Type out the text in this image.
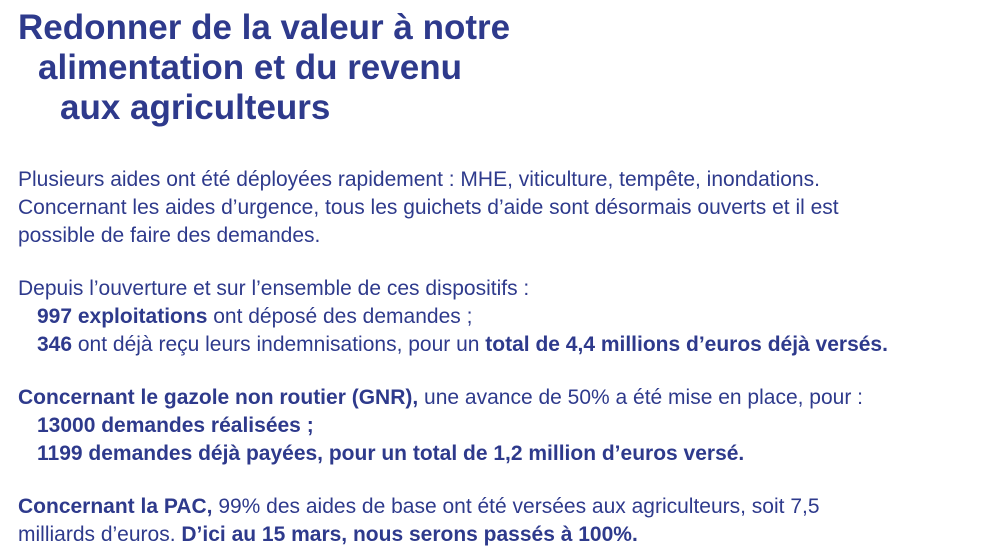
Redonner de la valeur à notre
alimentation et du revenu
aux agriculteurs

Plusieurs aides ont été déployées rapidement : MHE, viticulture, tempête, inondations.
Concernant les aides d’urgence, tous les guichets d’aide sont désormais ouverts et il est
possible de faire des demandes.

Depuis l’ouverture et sur l’ensemble de ces dispositifs :
997 exploitations ont déposé des demandes ;
346 ont déjà reçu leurs indemnisations, pour un total de 4,4 millions d’euros déjà versés.

Concernant le gazole non routier (GNR), une avance de 50% a été mise en place, pour :
13000 demandes réalisées ;
1199 demandes déjà payées, pour un total de 1,2 million d’euros versé.

Concernant la PAC, 99% des aides de base ont été versées aux agriculteurs, soit 7,5
milliards d’euros. D’ici au 15 mars, nous serons passés à 100%.
